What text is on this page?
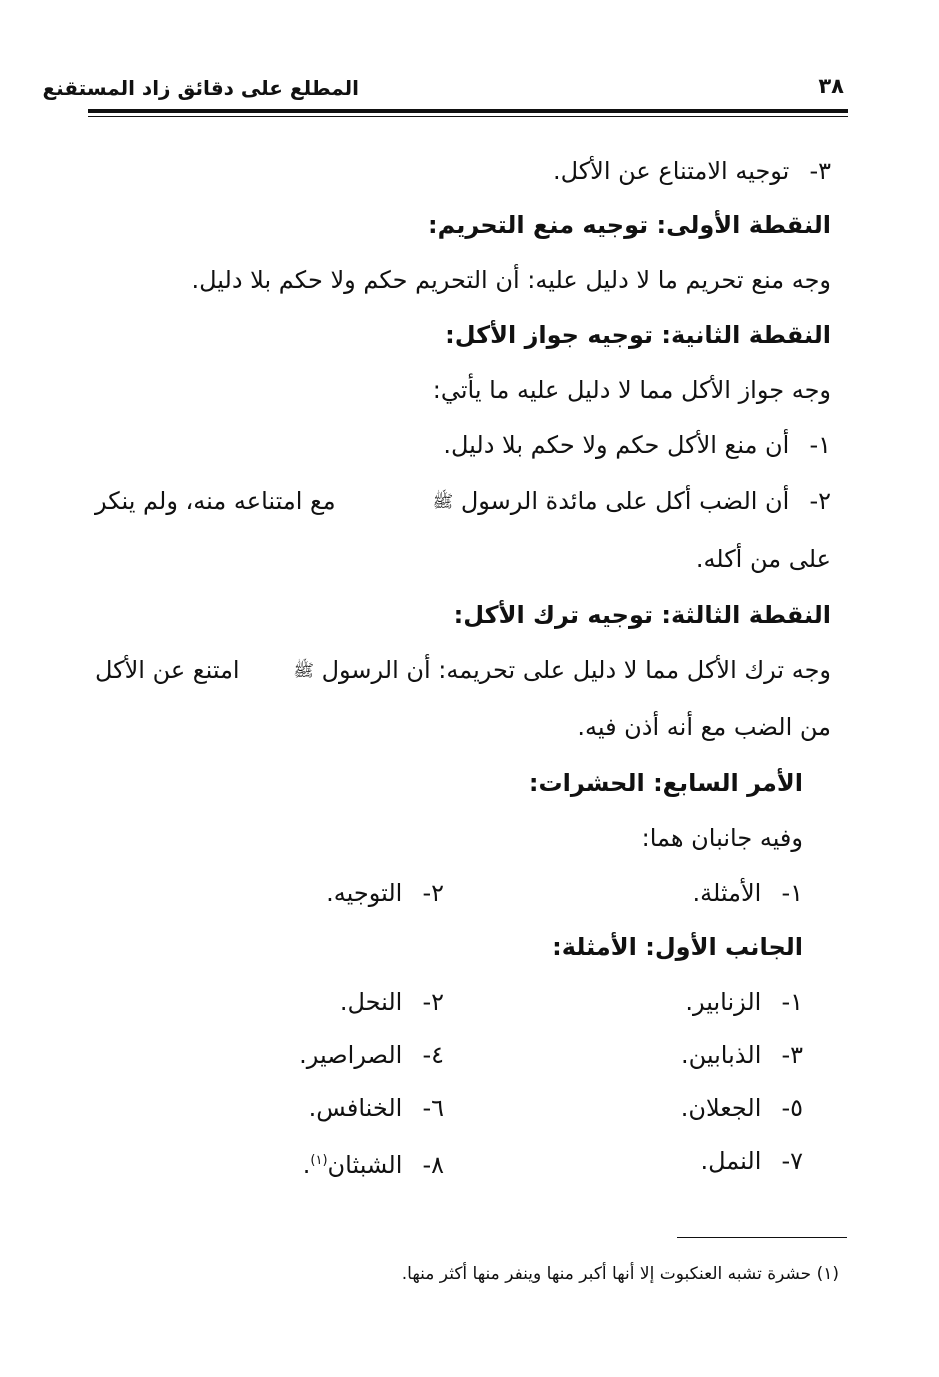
٣٨
المطلع على دقائق زاد المستقنع
٣- توجيه الامتناع عن الأكل.
النقطة الأولى: توجيه منع التحريم:
وجه منع تحريم ما لا دليل عليه: أن التحريم حكم ولا حكم بلا دليل.
النقطة الثانية: توجيه جواز الأكل:
وجه جواز الأكل مما لا دليل عليه ما يأتي:
١- أن منع الأكل حكم ولا حكم بلا دليل.
٢- أن الضب أكل على مائدة الرسول ﷺ
مع امتناعه منه، ولم ينكر
على من أكله.
النقطة الثالثة: توجيه ترك الأكل:
وجه ترك الأكل مما لا دليل على تحريمه: أن الرسول ﷺ
امتنع عن الأكل
من الضب مع أنه أذن فيه.
الأمر السابع: الحشرات:
وفيه جانبان هما:
١- الأمثلة.
٢- التوجيه.
الجانب الأول: الأمثلة:
١- الزنابير.
٢- النحل.
٣- الذبابين.
٤- الصراصير.
٥- الجعلان.
٦- الخنافس.
٧- النمل.
٨- الشبثان$^{(١)}$.
(١) حشرة تشبه العنكبوت إلا أنها أكبر منها وينفر منها أكثر منها.
